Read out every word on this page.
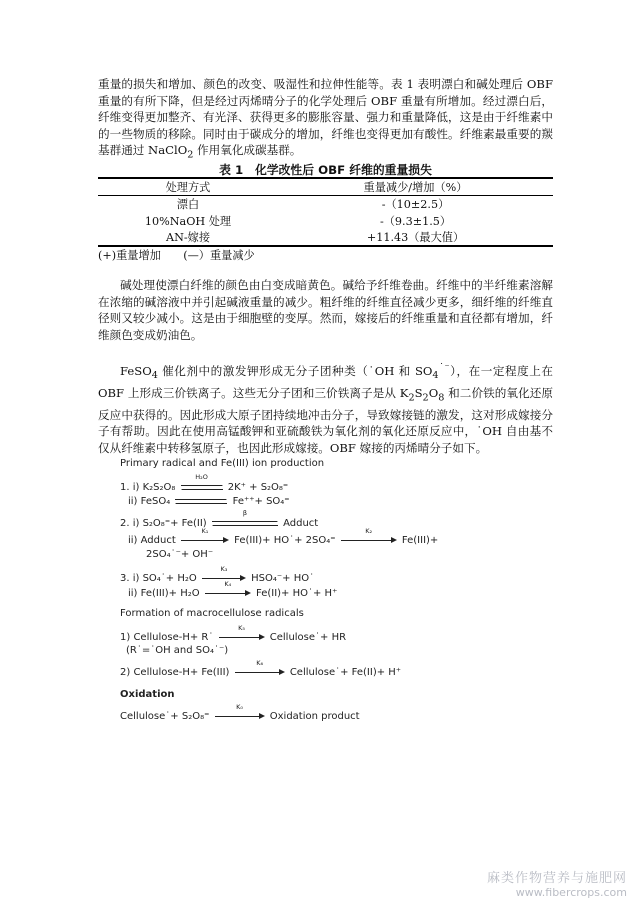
重量的损失和增加、颜色的改变、吸湿性和拉伸性能等。表 1 表明漂白和碱处理后 OBF 重量的有所下降，但是经过丙烯晴分子的化学处理后 OBF 重量有所增加。经过漂白后，纤维变得更加整齐、有光泽、获得更多的膨胀容量、强力和重量降低，这是由于纤维素中的一些物质的移除。同时由于碳成分的增加，纤维也变得更加有酸性。纤维素最重要的羰基群通过 NaClO$_2$ 作用氧化成碳基群。

表 1　化学改性后 OBF 纤维的重量损失
处理方式	重量减少/增加（%）
漂白	-（10±2.5）
10%NaOH 处理	-（9.3±1.5）
AN-嫁接	+11.43（最大值）
(+)重量增加　　(—）重量减少

碱处理使漂白纤维的颜色由白变成暗黄色。碱给予纤维卷曲。纤维中的半纤维素溶解在浓缩的碱溶液中并引起碱液重量的减少。粗纤维的纤维直径减少更多，细纤维的纤维直径则又较少减小。这是由于细胞壁的变厚。然而，嫁接后的纤维重量和直径都有增加，纤维颜色变成奶油色。

FeSO$_4$ 催化剂中的激发钾形成无分子团种类（˙OH 和 $SO_4^{˙^-}$），在一定程度上在 OBF 上形成三价铁离子。这些无分子团和三价铁离子是从 $K_2S_2O_8$ 和二价铁的氧化还原反应中获得的。因此形成大原子团持续地冲击分子，导致嫁接链的激发，这对形成嫁接分子有帮助。因此在使用高锰酸钾和亚硫酸铁为氧化剂的氧化还原反应中，˙OH 自由基不仅从纤维素中转移氢原子，也因此形成嫁接。OBF 嫁接的丙烯晴分子如下。

Primary radical and Fe(III) ion production
1. i) K₂S₂O₈
H₂O
2K⁺ + S₂O₈⁼
ii) FeSO₄	Fe⁺⁺+ SO₄⁼
2. i) S₂O₈⁼+ Fe(II)
β
Adduct
ii) Adduct
K₁
Fe(III)+ HO˙+ 2SO₄⁼
K₂
Fe(III)+
2SO₄˙⁻+ OH⁻
3. i) SO₄˙+ H₂O
K₃
HSO₄⁻+ HO˙
ii) Fe(III)+ H₂O
K₄
Fe(II)+ HO˙+ H⁺
Formation of macrocellulose radicals
1) Cellulose-H+ R˙
K₅
Cellulose˙+ HR
(R˙=˙OH and SO₄˙⁻)
2) Cellulose-H+ Fe(III)
K₆
Cellulose˙+ Fe(II)+ H⁺
Oxidation
Cellulose˙+ S₂O₈⁼
K₀
Oxidation product
麻类作物营养与施肥网
www.fibercrops.com
